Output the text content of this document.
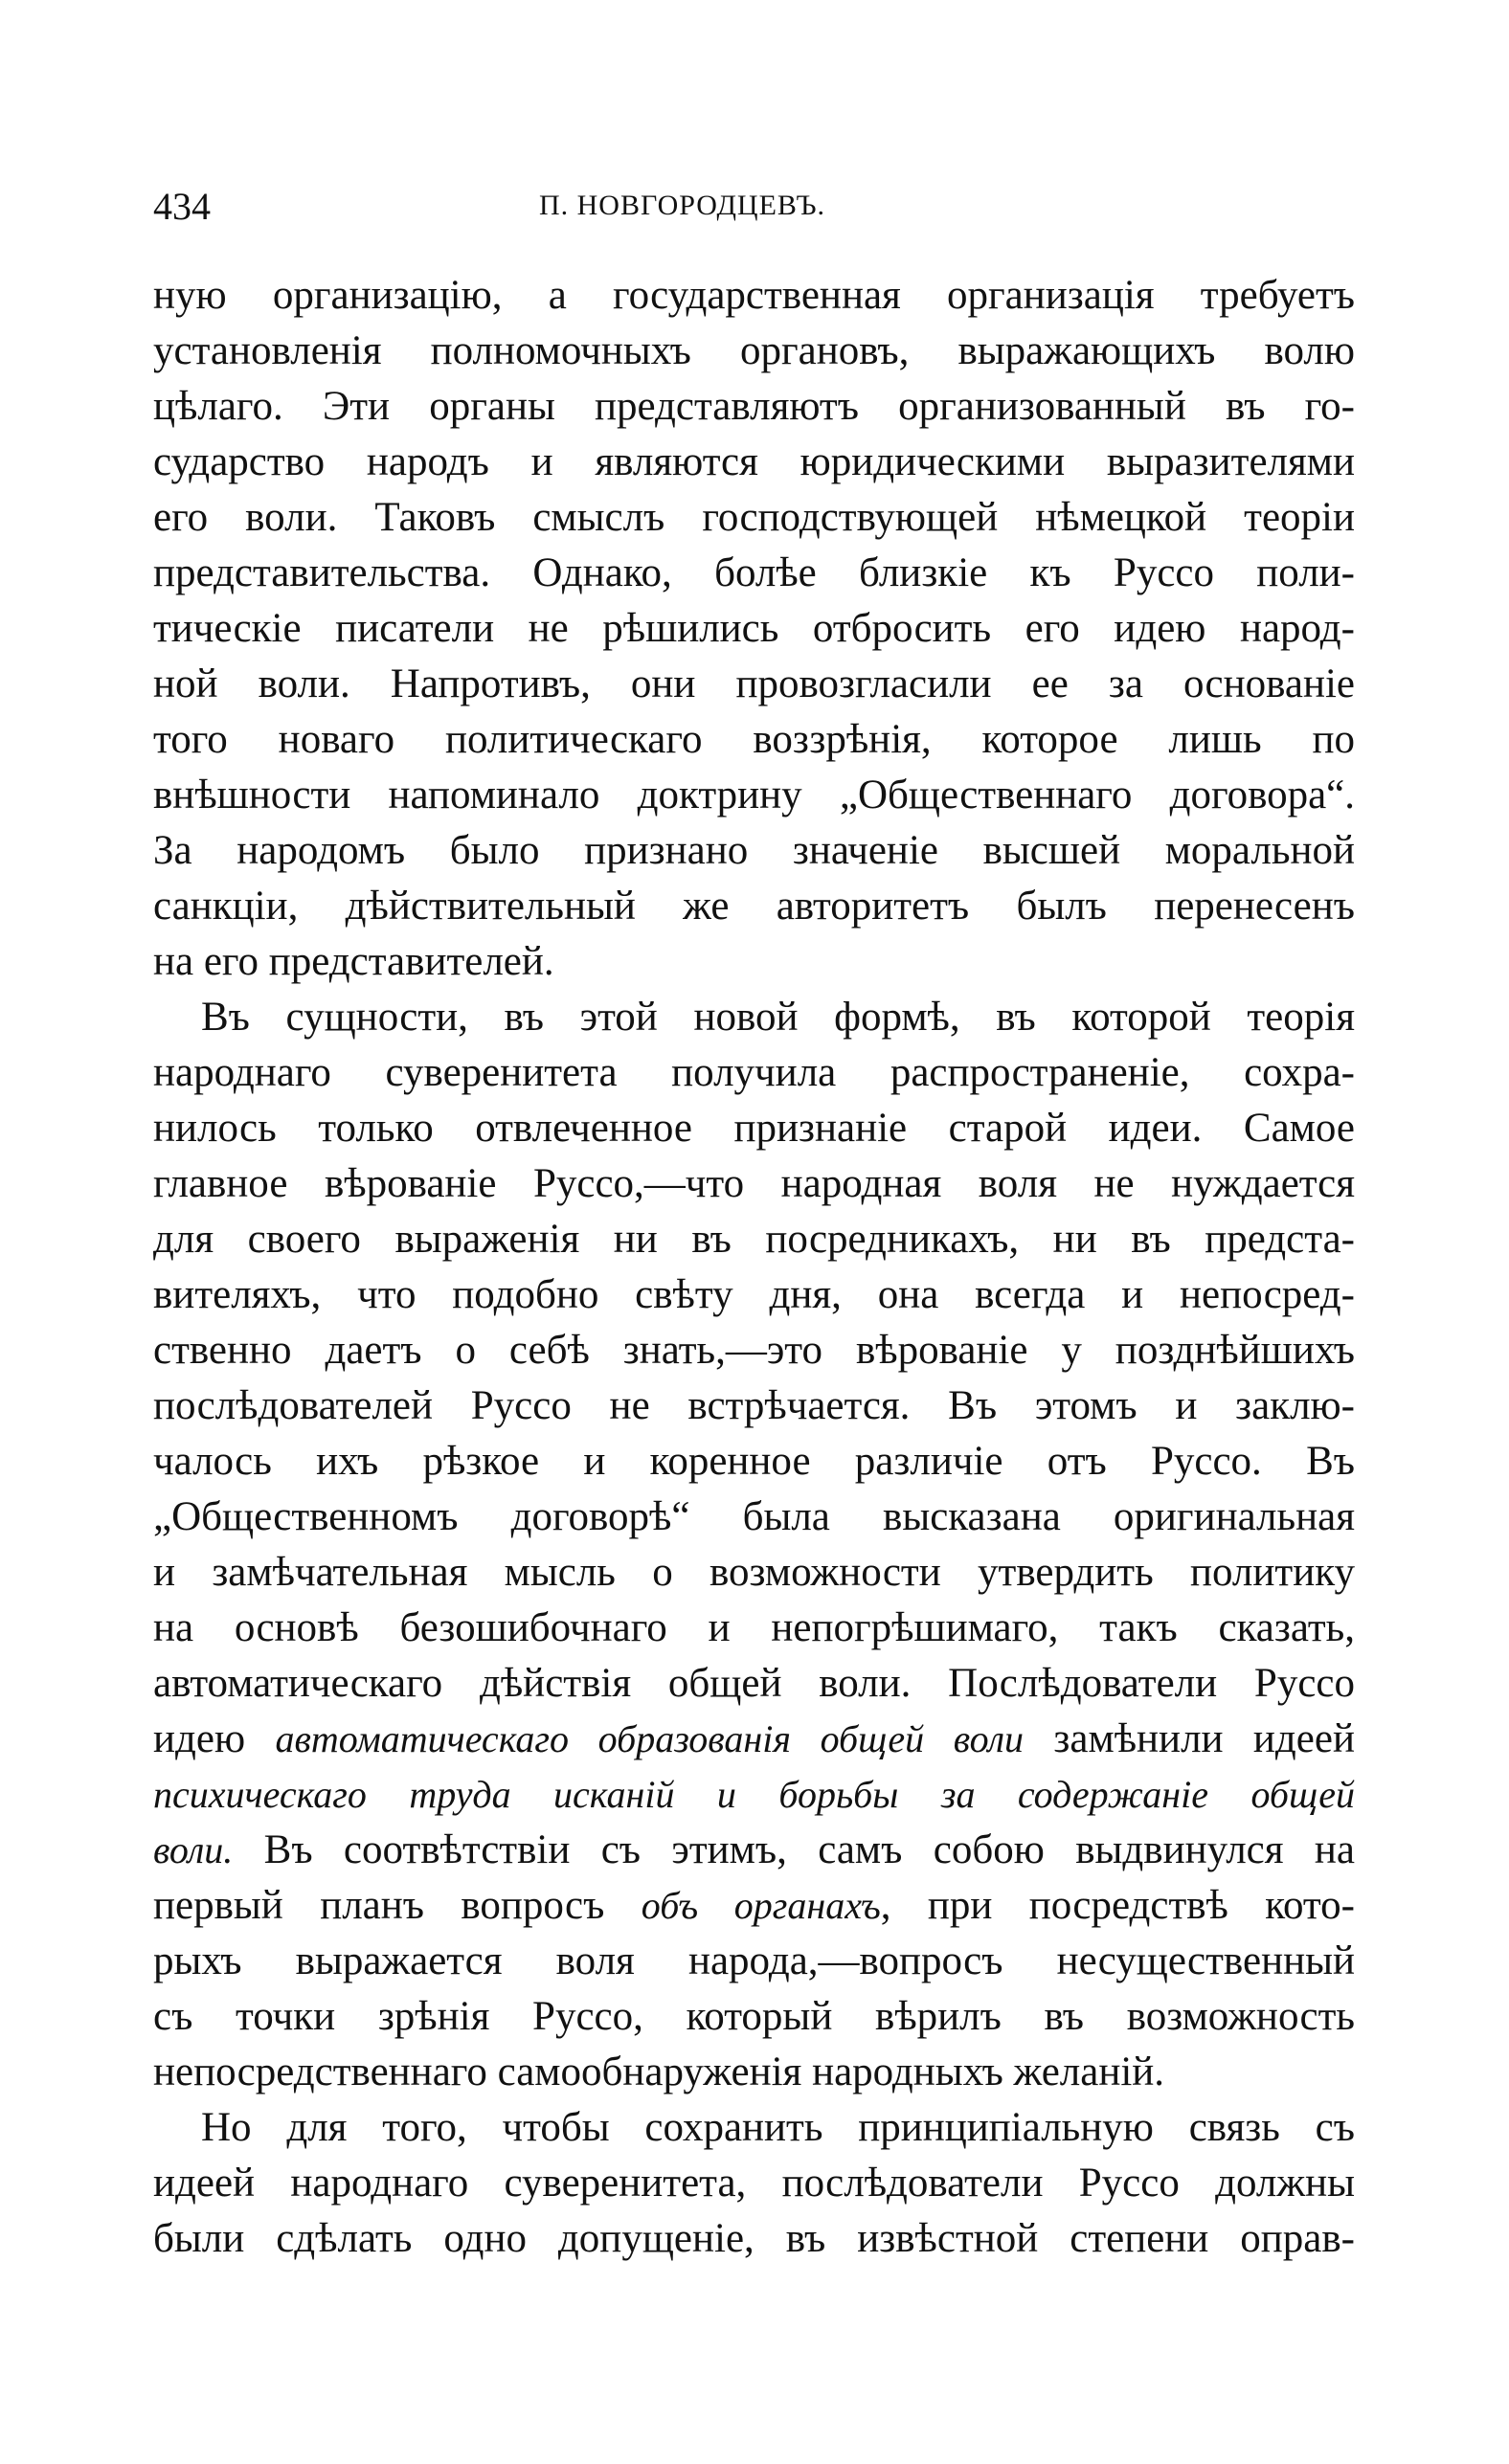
434	П. НОВГОРОДЦЕВЪ.
ную организацію, а государственная организація требуетъ
установленія полномочныхъ органовъ, выражающихъ волю
цѣлаго. Эти органы представляютъ организованный въ го-
сударство народъ и являются юридическими выразителями
его воли. Таковъ смыслъ господствующей нѣмецкой теоріи
представительства. Однако, болѣе близкіе къ Руссо поли-
тическіе писатели не рѣшились отбросить его идею народ-
ной воли. Напротивъ, они провозгласили ее за основаніе
того новаго политическаго воззрѣнія, которое лишь по
внѣшности напоминало доктрину „Общественнаго договора“.
За народомъ было признано значеніе высшей моральной
санкціи, дѣйствительный же авторитетъ былъ перенесенъ
на его представителей.
Въ сущности, въ этой новой формѣ, въ которой теорія
народнаго суверенитета получила распространеніе, сохра-
нилось только отвлеченное признаніе старой идеи. Самое
главное вѣрованіе Руссо,—что народная воля не нуждается
для своего выраженія ни въ посредникахъ, ни въ предста-
вителяхъ, что подобно свѣту дня, она всегда и непосред-
ственно даетъ о себѣ знать,—это вѣрованіе у позднѣйшихъ
послѣдователей Руссо не встрѣчается. Въ этомъ и заклю-
чалось ихъ рѣзкое и коренное различіе отъ Руссо. Въ
„Общественномъ договорѣ“ была высказана оригинальная
и замѣчательная мысль о возможности утвердить политику
на основѣ безошибочнаго и непогрѣшимаго, такъ сказать,
автоматическаго дѣйствія общей воли. Послѣдователи Руссо
идею автоматическаго образованія общей воли замѣнили идеей
психическаго труда исканій и борьбы за содержаніе общей
воли. Въ соотвѣтствіи съ этимъ, самъ собою выдвинулся на
первый планъ вопросъ объ органахъ, при посредствѣ кото-
рыхъ выражается воля народа,—вопросъ несущественный
съ точки зрѣнія Руссо, который вѣрилъ въ возможность
непосредственнаго самообнаруженія народныхъ желаній.
Но для того, чтобы сохранить принципіальную связь съ
идеей народнаго суверенитета, послѣдователи Руссо должны
были сдѣлать одно допущеніе, въ извѣстной степени оправ-
